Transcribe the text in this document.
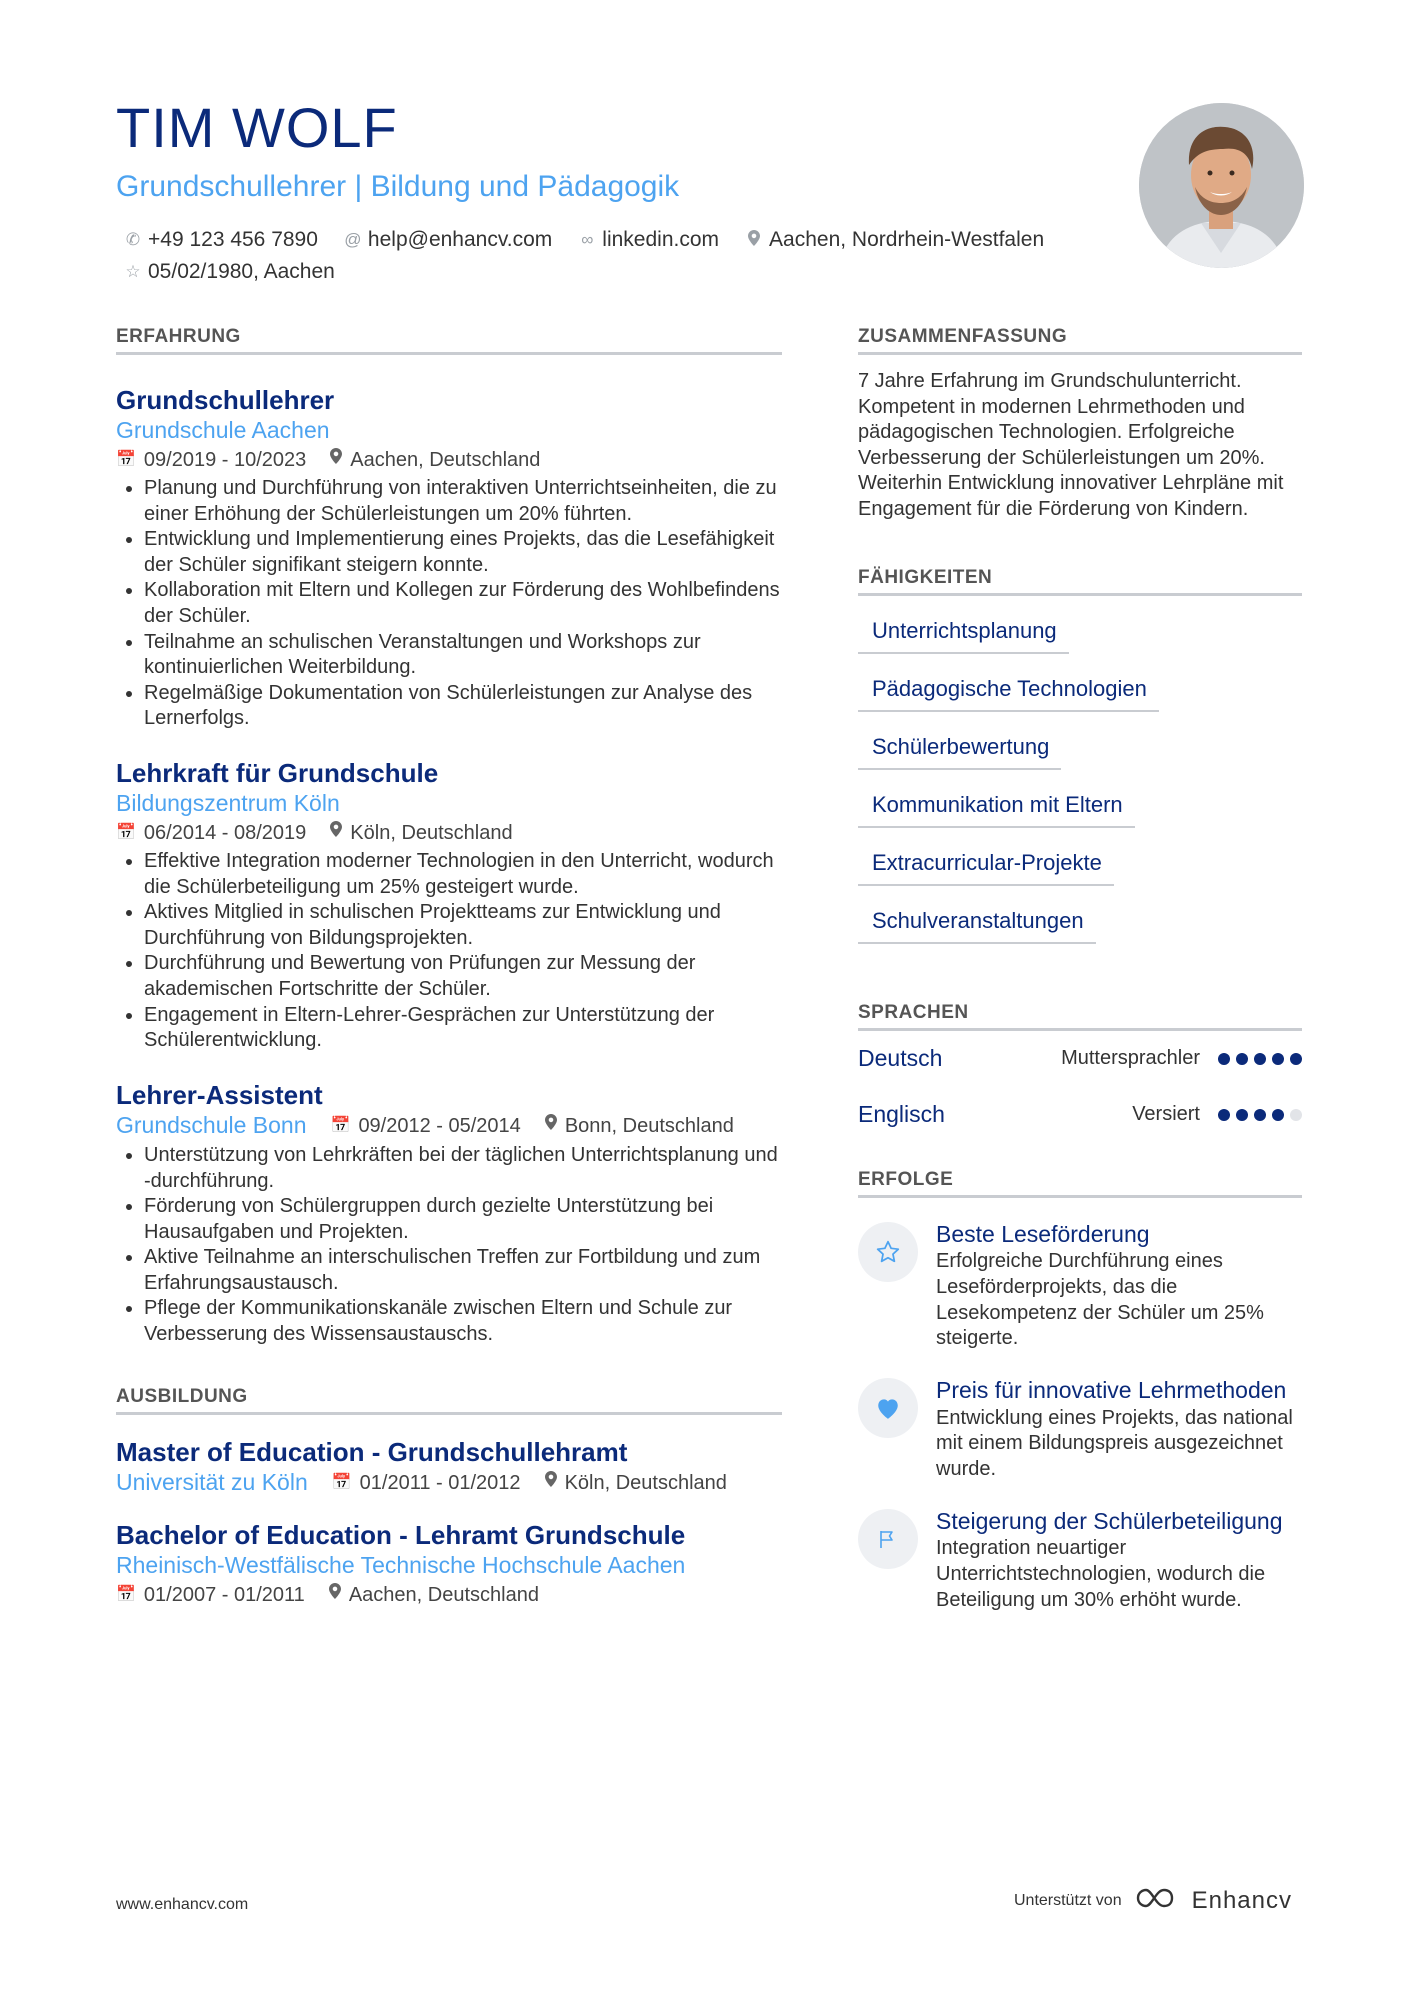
TIM WOLF
Grundschullehrer | Bildung und Pädagogik
✆ +49 123 456 7890 @ help@enhancv.com ∞ linkedin.com Aachen, Nordrhein-Westfalen
☆ 05/02/1980, Aachen
ERFAHRUNG
Grundschullehrer
Grundschule Aachen
📅 09/2019 - 10/2023 Aachen, Deutschland
• Planung und Durchführung von interaktiven Unterrichtseinheiten, die zu einer Erhöhung der Schülerleistungen um 20% führten.
• Entwicklung und Implementierung eines Projekts, das die Lesefähigkeit der Schüler signifikant steigern konnte.
• Kollaboration mit Eltern und Kollegen zur Förderung des Wohlbefindens der Schüler.
• Teilnahme an schulischen Veranstaltungen und Workshops zur kontinuierlichen Weiterbildung.
• Regelmäßige Dokumentation von Schülerleistungen zur Analyse des Lernerfolgs.
Lehrkraft für Grundschule
Bildungszentrum Köln
📅 06/2014 - 08/2019 Köln, Deutschland
• Effektive Integration moderner Technologien in den Unterricht, wodurch die Schülerbeteiligung um 25% gesteigert wurde.
• Aktives Mitglied in schulischen Projektteams zur Entwicklung und Durchführung von Bildungsprojekten.
• Durchführung und Bewertung von Prüfungen zur Messung der akademischen Fortschritte der Schüler.
• Engagement in Eltern-Lehrer-Gesprächen zur Unterstützung der Schülerentwicklung.
Lehrer-Assistent
Grundschule Bonn 📅 09/2012 - 05/2014 Bonn, Deutschland
• Unterstützung von Lehrkräften bei der täglichen Unterrichtsplanung und -durchführung.
• Förderung von Schülergruppen durch gezielte Unterstützung bei Hausaufgaben und Projekten.
• Aktive Teilnahme an interschulischen Treffen zur Fortbildung und zum Erfahrungsaustausch.
• Pflege der Kommunikationskanäle zwischen Eltern und Schule zur Verbesserung des Wissensaustauschs.
AUSBILDUNG
Master of Education - Grundschullehramt
Universität zu Köln 📅 01/2011 - 01/2012 Köln, Deutschland
Bachelor of Education - Lehramt Grundschule
Rheinisch-Westfälische Technische Hochschule Aachen
📅 01/2007 - 01/2011 Aachen, Deutschland
ZUSAMMENFASSUNG
7 Jahre Erfahrung im Grundschulunterricht. Kompetent in modernen Lehrmethoden und pädagogischen Technologien. Erfolgreiche Verbesserung der Schülerleistungen um 20%. Weiterhin Entwicklung innovativer Lehrpläne mit Engagement für die Förderung von Kindern.
FÄHIGKEITEN
Unterrichtsplanung
Pädagogische Technologien
Schülerbewertung
Kommunikation mit Eltern
Extracurricular-Projekte
Schulveranstaltungen
SPRACHEN
Deutsch	Muttersprachler
Englisch	Versiert
ERFOLGE
Beste Leseförderung
Erfolgreiche Durchführung eines Leseförderprojekts, das die Lesekompetenz der Schüler um 25% steigerte.
Preis für innovative Lehrmethoden
Entwicklung eines Projekts, das national mit einem Bildungspreis ausgezeichnet wurde.
Steigerung der Schülerbeteiligung
Integration neuartiger Unterrichtstechnologien, wodurch die Beteiligung um 30% erhöht wurde.
www.enhancv.com	Unterstützt von	Enhancv
